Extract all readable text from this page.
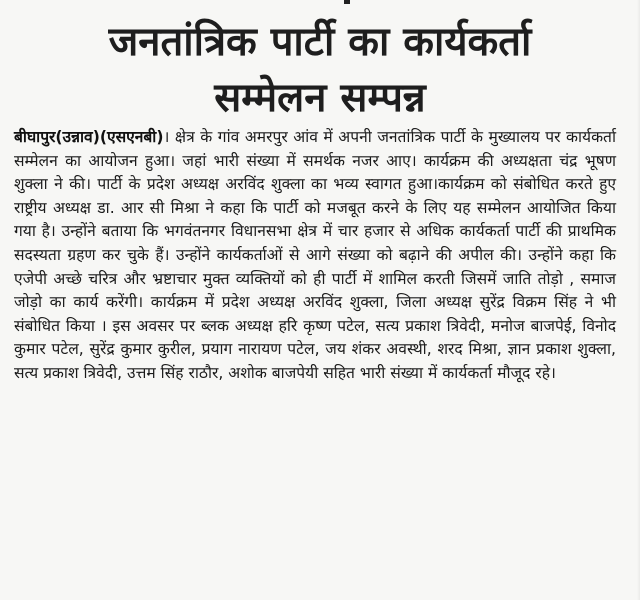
जनतांत्रिक पार्टी का कार्यकर्ता
सम्मेलन सम्पन्न

बीघापुर(उन्नाव)(एसएनबी)। क्षेत्र के गांव अमरपुर आंव में अपनी जनतांत्रिक पार्टी के मुख्यालय पर कार्यकर्ता सम्मेलन का आयोजन हुआ। जहां भारी संख्या में समर्थक नजर आए। कार्यक्रम की अध्यक्षता चंद्र भूषण शुक्ला ने की। पार्टी के प्रदेश अध्यक्ष अरविंद शुक्ला का भव्य स्वागत हुआ।कार्यक्रम को संबोधित करते हुए राष्ट्रीय अध्यक्ष डा. आर सी मिश्रा ने कहा कि पार्टी को मजबूत करने के लिए यह सम्मेलन आयोजित किया गया है। उन्होंने बताया कि भगवंतनगर विधानसभा क्षेत्र में चार हजार से अधिक कार्यकर्ता पार्टी की प्राथमिक सदस्यता ग्रहण कर चुके हैं। उन्होंने कार्यकर्ताओं से आगे संख्या को बढ़ाने की अपील की। उन्होंने कहा कि एजेपी अच्छे चरित्र और भ्रष्टाचार मुक्त व्यक्तियों को ही पार्टी में शामिल करती जिसमें जाति तोड़ो , समाज जोड़ो का कार्य करेंगी। कार्यक्रम में प्रदेश अध्यक्ष अरविंद शुक्ला, जिला अध्यक्ष सुरेंद्र विक्रम सिंह ने भी संबोधित किया । इस अवसर पर ब्लक अध्यक्ष हरि कृष्ण पटेल, सत्य प्रकाश त्रिवेदी, मनोज बाजपेई, विनोद कुमार पटेल, सुरेंद्र कुमार कुरील, प्रयाग नारायण पटेल, जय शंकर अवस्थी, शरद मिश्रा, ज्ञान प्रकाश शुक्ला, सत्य प्रकाश त्रिवेदी, उत्तम सिंह राठौर, अशोक बाजपेयी सहित भारी संख्या में कार्यकर्ता मौजूद रहे।
